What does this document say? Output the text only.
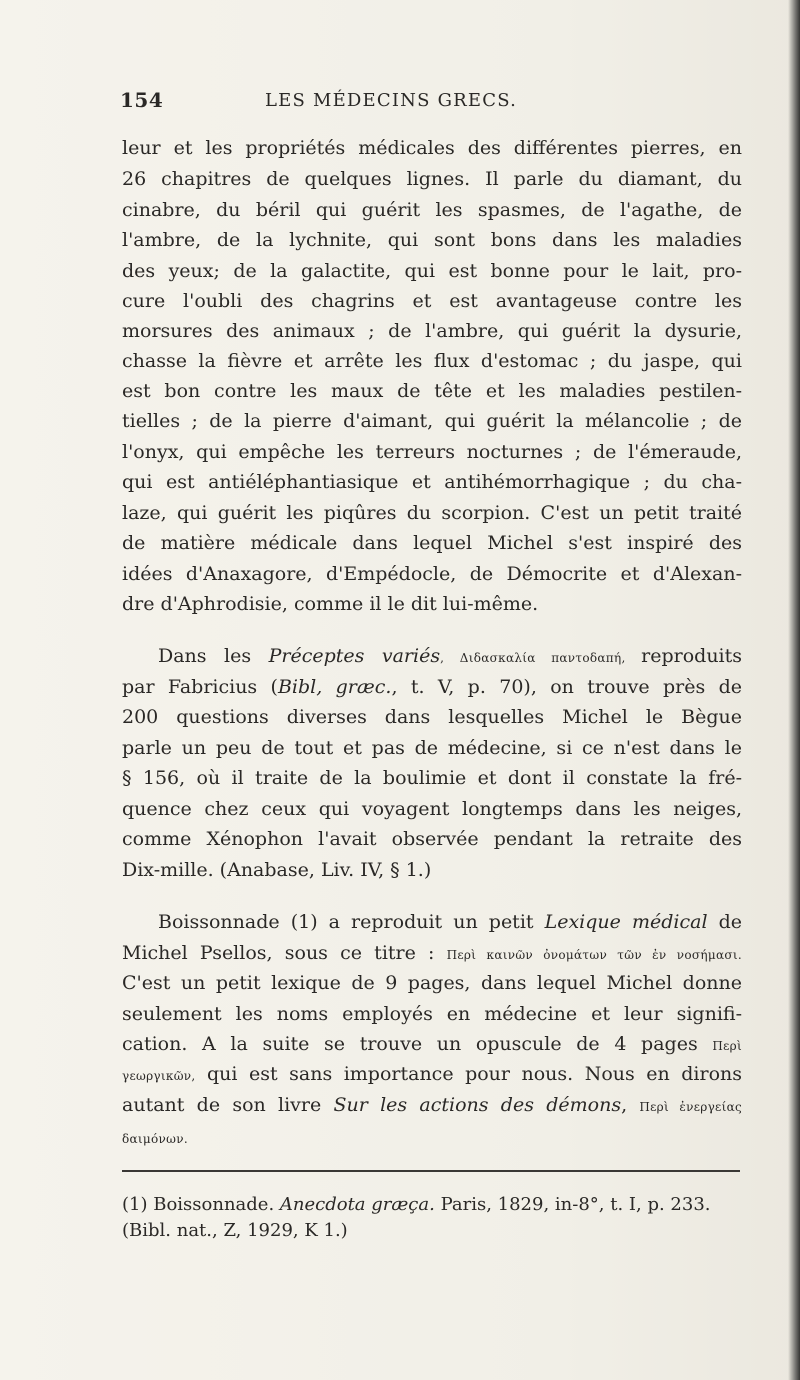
154	LES MÉDECINS GRECS.
leur et les propriétés médicales des différentes pierres, en
26 chapitres de quelques lignes. Il parle du diamant, du
cinabre, du béril qui guérit les spasmes, de l'agathe, de
l'ambre, de la lychnite, qui sont bons dans les maladies
des yeux; de la galactite, qui est bonne pour le lait, pro-
cure l'oubli des chagrins et est avantageuse contre les
morsures des animaux ; de l'ambre, qui guérit la dysurie,
chasse la fièvre et arrête les flux d'estomac ; du jaspe, qui
est bon contre les maux de tête et les maladies pestilen-
tielles ; de la pierre d'aimant, qui guérit la mélancolie ; de
l'onyx, qui empêche les terreurs nocturnes ; de l'émeraude,
qui est antiéléphantiasique et antihémorrhagique ; du cha-
laze, qui guérit les piqûres du scorpion. C'est un petit traité
de matière médicale dans lequel Michel s'est inspiré des
idées d'Anaxagore, d'Empédocle, de Démocrite et d'Alexan-
dre d'Aphrodisie, comme il le dit lui-même.
Dans les Préceptes variés, Διδασκαλία παντοδαπή, reproduits
par Fabricius (Bibl, græc., t. V, p. 70), on trouve près de
200 questions diverses dans lesquelles Michel le Bègue
parle un peu de tout et pas de médecine, si ce n'est dans le
§ 156, où il traite de la boulimie et dont il constate la fré-
quence chez ceux qui voyagent longtemps dans les neiges,
comme Xénophon l'avait observée pendant la retraite des
Dix-mille. (Anabase, Liv. IV, § 1.)
Boissonnade (1) a reproduit un petit Lexique médical de
Michel Psellos, sous ce titre : Περὶ καινῶν ὀνομάτων τῶν ἐν νοσήμασι.
C'est un petit lexique de 9 pages, dans lequel Michel donne
seulement les noms employés en médecine et leur signifi-
cation. A la suite se trouve un opuscule de 4 pages Περὶ
γεωργικῶν, qui est sans importance pour nous. Nous en dirons
autant de son livre Sur les actions des démons, Περὶ ἐνεργείας
δαιμόνων.
(1) Boissonnade. Anecdota græça. Paris, 1829, in-8°, t. I, p. 233.
(Bibl. nat., Z, 1929, K 1.)
